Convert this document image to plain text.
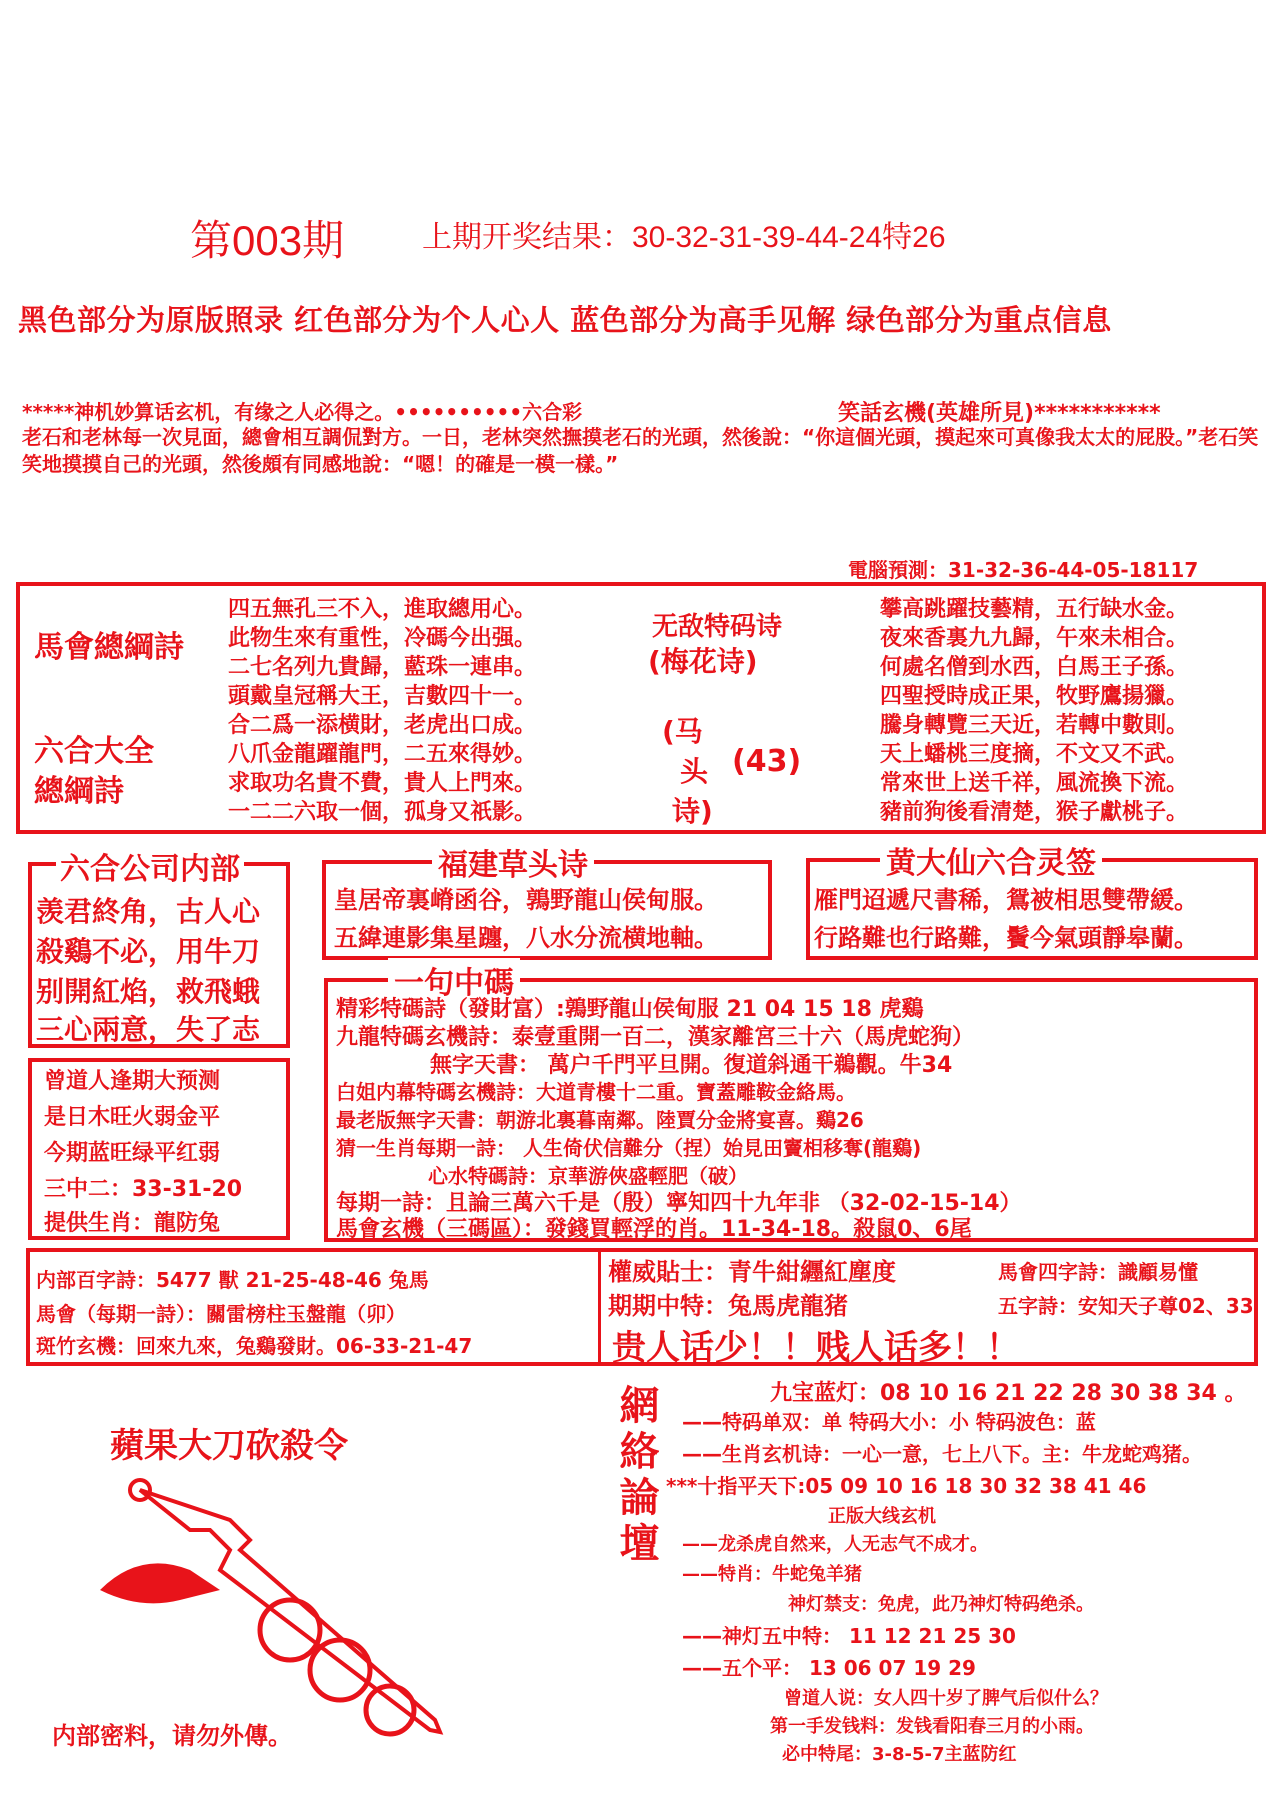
第003期	上期开奖结果：30-32-31-39-44-24特26
黑色部分为原版照录 红色部分为个人心人 蓝色部分为高手见解 绿色部分为重点信息
*****神机妙算话玄机，有缘之人必得之。••••••••••六合彩	笑話玄機(英雄所見)***********
老石和老林每一次見面，總會相互調侃對方。一日，老林突然撫摸老石的光頭，然後說：“你這個光頭，摸起來可真像我太太的屁股。”老石笑笑地摸摸自己的光頭，然後頗有同感地說：“嗯！的確是一模一樣。”
電腦預測：31-32-36-44-05-18117
馬會總綱詩
六合大全
總綱詩
四五無孔三不入，進取總用心。
此物生來有重性，冷碼今出强。
二七名列九貴歸，藍珠一連串。
頭戴皇冠稱大王，吉數四十一。
合二爲一添横財，老虎出口成。
八爪金龍躍龍門，二五來得妙。
求取功名貴不費，貴人上門來。
一二二六取一個，孤身又祇影。
无敌特码诗
(梅花诗)
(马
头
诗)
(43)
攀高跳躍技藝精，五行缺水金。
夜來香裏九九歸，午來未相合。
何處名僧到水西，白馬王子孫。
四聖授時成正果，牧野鷹揚獵。
騰身轉覽三天近，若轉中數則。
天上蟠桃三度摘，不文又不武。
常來世上送千祥，風流換下流。
豬前狗後看清楚，猴子獻桃子。
六合公司内部
羡君終角，古人心
殺鷄不必，用牛刀
别開紅焰，救飛蛾
三心兩意，失了志
福建草头诗
皇居帝裏嵴函谷，鶉野龍山侯甸服。
五緯連影集星躔，八水分流横地軸。
黄大仙六合灵签
雁門迢遞尺書稀，鴛被相思雙帶緩。
行路難也行路難，鬢今氣頭靜皋蘭。
曾道人逢期大预测
是日木旺火弱金平
今期蓝旺绿平红弱
三中二：33-31-20
提供生肖：龍防兔
一句中碼
精彩特碼詩（發財富）:鶉野龍山侯甸服 21 04 15 18 虎鷄
九龍特碼玄機詩：泰壹重開一百二，漢家離宮三十六（馬虎蛇狗）
無字天書： 萬户千門平旦開。復道斜通干鵜觀。牛34
白姐内幕特碼玄機詩：大道青樓十二重。寶蓋雕鞍金絡馬。
最老版無字天書：朝游北裏暮南鄰。陸賈分金將宴喜。鷄26
猜一生肖每期一詩： 人生倚伏信難分（捏）始見田竇相移奪(龍鷄)
心水特碼詩：京華游俠盛輕肥（破）
每期一詩：且論三萬六千是（殷）寧知四十九年非 （32-02-15-14）
馬會玄機（三碼區）：發錢買輕浮的肖。11-34-18。殺鼠0、6尾
内部百字詩：5477 獸 21-25-48-46 兔馬
馬會（每期一詩）：關雷榜柱玉盤龍（卯）
斑竹玄機：回來九來，兔鷄發財。06-33-21-47
權威貼士：青牛紺纒紅塵度	馬會四字詩：識顧易懂
期期中特：兔馬虎龍猪	五字詩：安知天子尊02、33
贵人话少！！贱人话多！！
蘋果大刀砍殺令
内部密料，请勿外傳。
網絡論壇	九宝蓝灯：08 10 16 21 22 28 30 38 34 。
——特码单双：单 特码大小：小 特码波色：蓝
——生肖玄机诗：一心一意，七上八下。主：牛龙蛇鸡猪。
***十指平天下:05 09 10 16 18 30 32 38 41 46
正版大线玄机
——龙杀虎自然来，人无志气不成才。
——特肖：牛蛇兔羊猪
神灯禁支：免虎，此乃神灯特码绝杀。
——神灯五中特： 11 12 21 25 30
——五个平： 13 06 07 19 29
曾道人说：女人四十岁了脾气后似什么？
第一手发钱料：发钱看阳春三月的小雨。
必中特尾：3-8-5-7主蓝防红
